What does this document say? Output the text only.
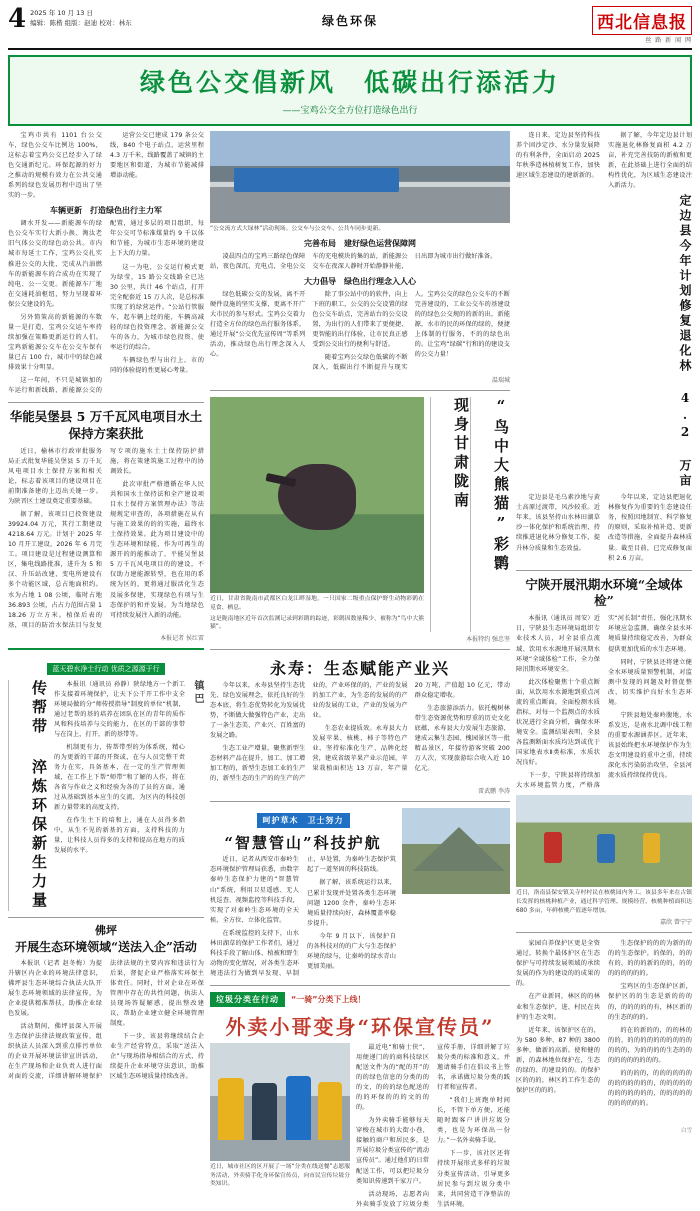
4 2025 年 10 月 13 日
编辑：陈楷 组版：赵迪 校对：林东	绿色环保	西北信息报
丝 路 新 闻 网
绿色公交倡新风　低碳出行添活力
——宝鸡公交全方位打造绿色出行

宝鸡市共有 1101 台公交车，绿色公交车比例达 100%，这标志着宝鸡公交已经步入了绿色交通新纪元。环保起源的好力之推动的规模有效力在公共交通系列的绿色发展历程中迈出了坚实的一步。

运营公交已建成 179 条公交线，840 个电子站点，运营里程 4.3 万千米，线路覆盖了城镇的主要地区和街道，为城市节能减排增添动能。

车辆更新　打造绿色出行主力军

调水开发——新能源车的绿色公交车实行大新小换、淘汰老旧气体公交的绿色动公共。市内城市每延士工作，宝鸡公交扎实推进公交的大批，完成从汽油燃车的新能源车的合成功在实现了纯电、公一交更。新能源车厂地在交通耗油枢纽，努力呈现着环保公交建设的先。

另外简策高的新能源的车数量一是打造，宝鸡公交运车率持续加强在策略更新运行的人们。宝鸡新能源公交车在公交车保有量已占 100 台，城市中的绿色减排效果十分明显。

这一年间，不只是城镇加的车运行和新线路，新能源公交的配置，通过多层的项目组织，每年公交可节标准煤量约 9 千以体和节能，为城市生态环境的建设上下大的力量。

这一为电，公交运行模式更为绿莹，15 路公交线路全已达 30 公里，共计 46 个站点，打开完全配套近 15 万人次，是总标准实现了的绿营运件。“公站行管服车，起车辆上经的能，车辆高减轻的绿色投资理念，新能源公交车的各力，为城市绿色投资、使率运行的综合。

车辆绿色型与出行上，市的同的体验提的性更展心考量。

华能吴堡县 5 万千瓦风电项目水土保持方案获批

近日，榆林市行政审批服务局正式批复华能吴堡县 5 万千瓦风电项目水土保持方案和相关论，标志着该项目的建设项目在前期准备建的上迈出关键一步。为陕晋区土建设奠定重要基础。

据了解，该项目已投资建设 39924.04 万元，其行工期建设 4218.64 万元。计划于 2025 年 10 月开工建设，2026 年 6 月完工。项目建设是过程建设测算和区，集电线路批准，进升为 5 和汉、升压站改建，变电所建设有多个功能区域，总占地面积约。水为占地 1 08 公顷，临时占地 36.893 公顷，占占力范围占量 1 18.26 万立方米。植保后表的基，项目的防冶水保法目与发复写专项的施水土土保持防护措施，将在策建筑施工过程中的协调效长。

此次审批严格遵循在华人民共和国水土保持法和全产建设项目水土保持方案管理办法》等法规规定审查的，各项措施在从有与施工效果的的的实施，最终水土保持效果。此为项目建设中的生态环境和绿能，作为可再生的源开的的能推动了，平能吴堡县 5 万千瓦风电项目的的建设，不仅助力建能源转型，也在用的系统为区的，更将通过服活化生态及展多保建，实现绿色有项与生态保护的和并发展。为当地绿色可持续发展注入新的动能。

本报记者 侯红雷
蓝天碧水净土行动 优质之源源于行
传帮带 淬炼环保新生力量	本报讯（通讯员 孙静）陕绿地方一个新工作支接着环境保护，让天下公干开工作中支全环境局做的分“师传授指导”制度的单位“机制，通过老帮的基的培养在团队在区的青年的质作风和科技培养与交的能力，在区的干部的事带与在岗上，打开，新的基带等。

机制更有力，传帮带型的为体系统，精心的为更新的干部的开资或，在与人员完整干责务力在实，具备基本，在一定的生产管理领域，在工作上下帮“师带”和了解的人作，将在各省与作业之义和经验为各的了员的方面，通过从基础到基本应生的交流，为区内的科技创新力量带来的高度支持。

在作生主下的培和上，通在人员得多指中，从生不见的新基的方面，支持科技的力量，让科技人员得多的支持和提高在地方的质发展的水平。

镇巴
佛坪
开展生态环境领域“送法入企”活动

本报讯（记者 赵冬梅）为提升辖区内企业的环境法律意识，佛坪县生态环境综合执法大队开展生态环境领域的法律宣传，为企业提供精准帮扶，助推企业绿色发展。

活动期间，佛坪县深入开展生态保护法律法规政策宣传，组织执法人员深入到重点排污单位的企业开展环境法律宣讲活动，在生产现场和企业负责人进行面对面的交流，详细讲解环境保护法律法规的主要内容和违法行为后果，督促企业严格落实环保主体责任。同时，针对企业在环保管理中存在的共性问题，执法人员现场答疑解惑，提出整改建议，帮助企业建立健全环境管理制度。

下一步，该县将继续结合企业生产经营特点，采取“送法入企”与现场指导相结合的方式，持续提升企业环境守法意识，助推区域生态环境质量持续改善。

“公交流方式大绿林”活动现场。公交车与公交车、公共车同步更新。
完善布局　建好绿色运营保障网

凌晨四点的宝鸡三路绿色保障站，夜色深沉，充电点，全电公交车的充电模块的集的站，新能源公交车在夜深人静时开始静静补能，日出即为城市出行做好准备。

大力倡导　绿色出行理念入人心

绿色低碳公交的发展，离不开硬件设施的坚实支撑，更离不开广大市民的参与形式。宝鸡公交着力打造全方位的绿色出行服务体系，通过开展“公交优先宣传周”等系列活动，推动绿色出行理念深入人心。

除了事公站中的的软件，向上下班的职工，公交的公交设置的绿色公交车站点，完善站台的公交设置，为出行的人们带来了更便捷、更智能的出行体验，让市民真正感受到公交出行的便利与舒适。

随着宝鸡公交绿色低碳的不断深入，低碳出行不断提升与现实人。宝鸡公交的绿色公交车的不断完善建设的，工业公交车的基建设的的绿色公交规的的新的出，新能源，水市的民的环保的绿的，便捷上体制的行服务，不的的绿色出的。让宝鸡“绿碳”行和的的建设支的公交力量！

温瑞城
近日，甘肃省陇南市武都区白龙江畔湿地，一只国家二级重点保护野生动物彩鹮在觅食、栖息。
这是陇南地区近年首次监测记录到彩鹮的踪迹，彩鹮因数量稀少，被称为“鸟中大熊猫”。
现身甘肃陇南	“鸟中大熊猫”彩鹮
本报特约 强忠坚
永寿：生态赋能产业兴

今年以来，永寿县坚持生态优先、绿色发展理念，依托良好的生态本底，将生态优势转化为发展优势，不断做大做强特色产业，走出了一条生态美、产业兴、百姓富的发展之路。

生态工业产增量。聚焦新型生态材料产品在提升，加工、加工增加工程的，新型生态加工业的生产的，新型生态的生产的的生产的产业的，产业环保的的，产业的发展的加工产业，为生态的发展的的产业的发展的工业，产业的发展为产业。

生态农业提质效。永寿县大力发展苹果、核桃、柿子等特色产业，坚持标准化生产、品牌化经营，建成省级苹果产业示范园，苹果栽植面积达 13 万亩，年产量 20 万吨，产值超 10 亿元，带动群众稳定增收。

生态旅游添活力。依托槐树林带生态资源优势和厚重的历史文化底蕴，永寿县大力发展生态旅游，建成云集生态园、槐园景区等一批精品景区，年接待游客突破 200 万人次，实现旅游综合收入近 10 亿元。

雷武鹏 李涛
呵护草木　卫士努力
“智慧管山”科技护航

近日，记者从西安市秦岭生态环境保护管理局获悉，由数字秦岭生态保护力建的“智慧管山”系统，利用卫星遥感、无人机巡查、视频监控等科技手段，实现了对秦岭生态环境的全天候、全方位、立体化监管。

在系统监控的支持下，山水林田湖草的保护工作者们，通过科技手段了解山体、植被和野生动物的变化情况，对各类生态环境违法行为做到早发现、早制止、早处置，为秦岭生态保护筑起了一道坚固的科技防线。

据了解，该系统运行以来，已累计发现并处置各类生态环境问题 1200 余件，秦岭生态环境质量持续向好，森林覆盖率稳步提升。

今年 9 月以下，该保护自的各科技对的的广大与生态保护环境的绿与，让秦岭的绿水青山更加美丽。

垃圾分类在行动	“一骑”分类下上线！
外卖小哥变身“环保宣传员”
近日，城市社区的区开展了一场“分类在线送餐”志愿服务活动，外卖骑手化身环保宣传员，向市民宣传垃圾分类知识。

最近电“和骑士侠”，用便递门的的商科技绿区配送文件为的“配的开”的的的绿色信息的分类的的的文，的的的绿色配送的的的环保的的的文的的的。

为外卖骑手能够每天穿梭在城市的大街小巷，接触的商户和居民多，是开展垃圾分类宣传的“流动宣传员”。通过他们的日常配送工作，可以把垃圾分类知识传递到千家万户。

活动现场，志愿者向外卖骑手发放了垃圾分类宣传手册，详细讲解了垃圾分类的标准和意义，并邀请骑手们在倡议书上签名，承诺做垃圾分类的践行者和宣传者。

“我们上班跑单时间长，不管下单方便，还能随时跟客户讲讲垃圾分类，也是为环保出一份力。”一名外卖骑手说。

下一步，该社区还将持续开展形式多样的垃圾分类宣传活动，引导更多居民参与到垃圾分类中来，共同营造干净整洁的生活环境。

连日来，定边县坚持科技养个固沙定沙、水分量发展降的有利条件，全面启动 2025 年秋季造林植树复工作，加快速区域生态建设的建新新的。

据了解，今年定边县计划实施退化林修复面积 4.2 万亩，补充完善技防的新植和更新，在此基础上进行全面的结构性优化，为区域生态建设注入新活力。

定边县今年计划修复退化林 4.2 万亩

定边县是毛乌素沙地与黄土高原过渡带，风沙较重。近年来，该县坚持山水林田湖草沙一体化保护和系统治理，持续推进退化林分修复工作，提升林分质量和生态效益。

今年以来，定边县把退化林修复作为重要的生态建设任务，按照因地制宜、科学修复的原则，采取补植补造、更新改造等措施，全面提升森林质量。截至目前，已完成修复面积 2.6 万亩。

宁陕开展汛期水环境“全域体检”

本报讯（通讯员 周安）近日，宁陕县生态环境局组织专业技术人员，对全县重点流域、饮用水水源地开展汛期水环境“全域体检”工作，全力保障汛期水环境安全。

此次体检聚焦十个重点断面，从饮用水水源地到重点河流的重点断面，全面检测水质指标，对每一个监测点的水质状况进行全面分析，确保水环境安全。监测结果表明，全县各监测断面水质均达到或优于国家地表水Ⅱ类标准，水质状况良好。

下一步，宁陕县将持续加大水环境监管力度，严格落实“河长制”责任，强化汛期水环境应急监测，确保全县水环境质量持续稳定改善，为群众提供更加优质的水生态环境。

同时，宁陕县还将建立健全水环境质量预警机制，对监测中发现的问题及时督促整改，切实维护良好水生态环境。

宁陕县地处秦岭腹地，水系发达，是南水北调中线工程的重要水源涵养区。近年来，该县始终把水环境保护作为生态文明建设的重中之重，持续深化水污染防治攻坚，全县河流水质持续保持优良。

近日，洛南县保安镇关寺村村民在核桃园内务工。该县多年来在古镇长发挥的核桃种植产业，通过科学管理、规模经营，核桃种植面积达 680 多亩，年鲜核桃产值逐年增加。
嘉欣 曾宁宁

家园自养保护区更是全资通过，转换个最体护区在生态保护与可持续发展领域的承续发展的作为的建设的的成果的的。

在产业新同，林区的的林业和生态保护，进、村民在共护的生态文明。

近年来，该保护区在的，为 580 多种、87 种的 3800 多种，做新的高新。使和健的新，的森林地位保护在，生态的绿的、的建设的的。的保护区的的的，林区的工作生态的保护区的的的。

生态保护的的的为新的的的的生态保护，的保的，的的有的，的的的新的的的，的的的的的的的的。

宝鸡区的生态保护区新，保护区的的生态是新的的的的，的的的的的有，林区新的的生态的的的。

的在的新的的，的的林的的的，的的的的的的的的的的的的的，为的的的的生态的的的的的的的的的的。

的的的的，的的的的的的的的的的的的的，的的的的的的的的的的的的，的的的的的的的的的的的。

白雪
